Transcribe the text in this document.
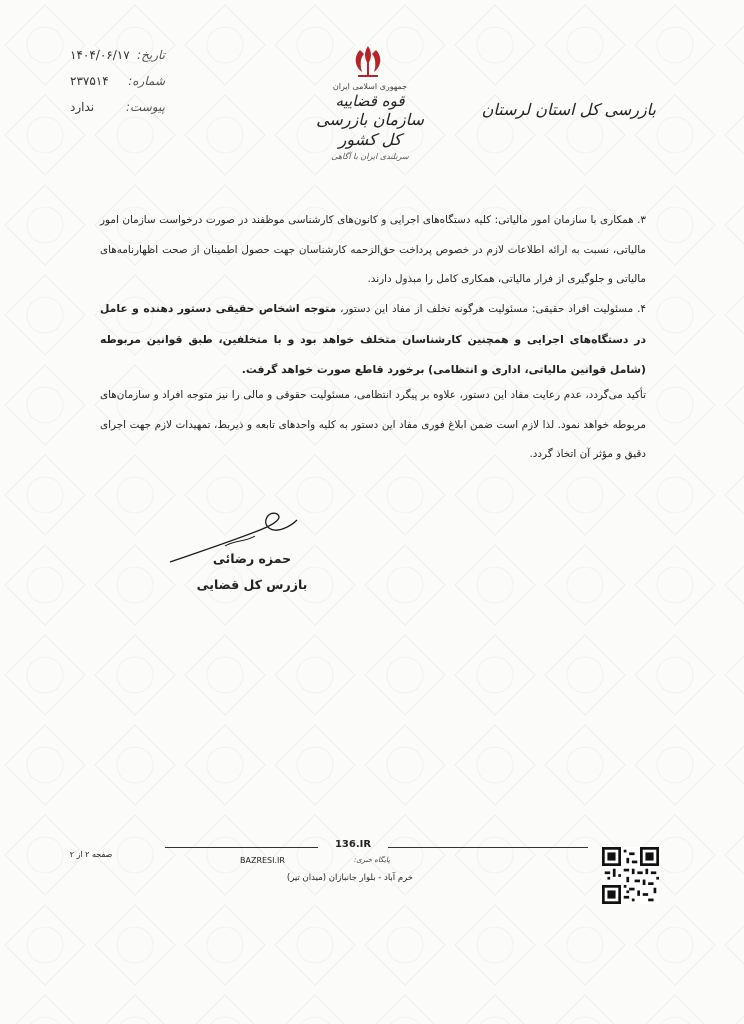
تاریخ:
۱۴۰۴/۰۶/۱۷
شماره:
۲۳۷۵۱۴
پیوست:
ندارد
جمهوری اسلامی ایران
قوه قضاییه
سازمان بازرسی کل کشور
سربلندی ایران با آگاهی
بازرسی کل استان لرستان

۳. همکاری با سازمان امور مالیاتی: کلیه دستگاه‌های اجرایی و کانون‌های کارشناسی موظفند در صورت درخواست سازمان امور مالیاتی، نسبت به ارائه اطلاعات لازم در خصوص پرداخت حق‌الزحمه کارشناسان جهت حصول اطمینان از صحت اظهارنامه‌های مالیاتی و جلوگیری از فرار مالیاتی، همکاری کامل را مبذول دارند.

۴. مسئولیت افراد حقیقی: مسئولیت هرگونه تخلف از مفاد این دستور، متوجه اشخاص حقیقی دستور دهنده و عامل در دستگاه‌های اجرایی و همچنین کارشناسان متخلف خواهد بود و با متخلفین، طبق قوانین مربوطه (شامل قوانین مالیاتی، اداری و انتظامی) برخورد قاطع صورت خواهد گرفت.

تأکید می‌گردد، عدم رعایت مفاد این دستور، علاوه بر پیگرد انتظامی، مسئولیت حقوقی و مالی را نیز متوجه افراد و سازمان‌های مربوطه خواهد نمود. لذا لازم است ضمن ابلاغ فوری مفاد این دستور به کلیه واحدهای تابعه و ذیربط، تمهیدات لازم جهت اجرای دقیق و مؤثر آن اتخاذ گردد.

حمزه رضائی
بازرس کل قضایی
136.IR
پایگاه خبری:
BAZRESI.IR
خرم آباد - بلوار جانبازان (میدان تیر)
صفحه ۲ از ۲
